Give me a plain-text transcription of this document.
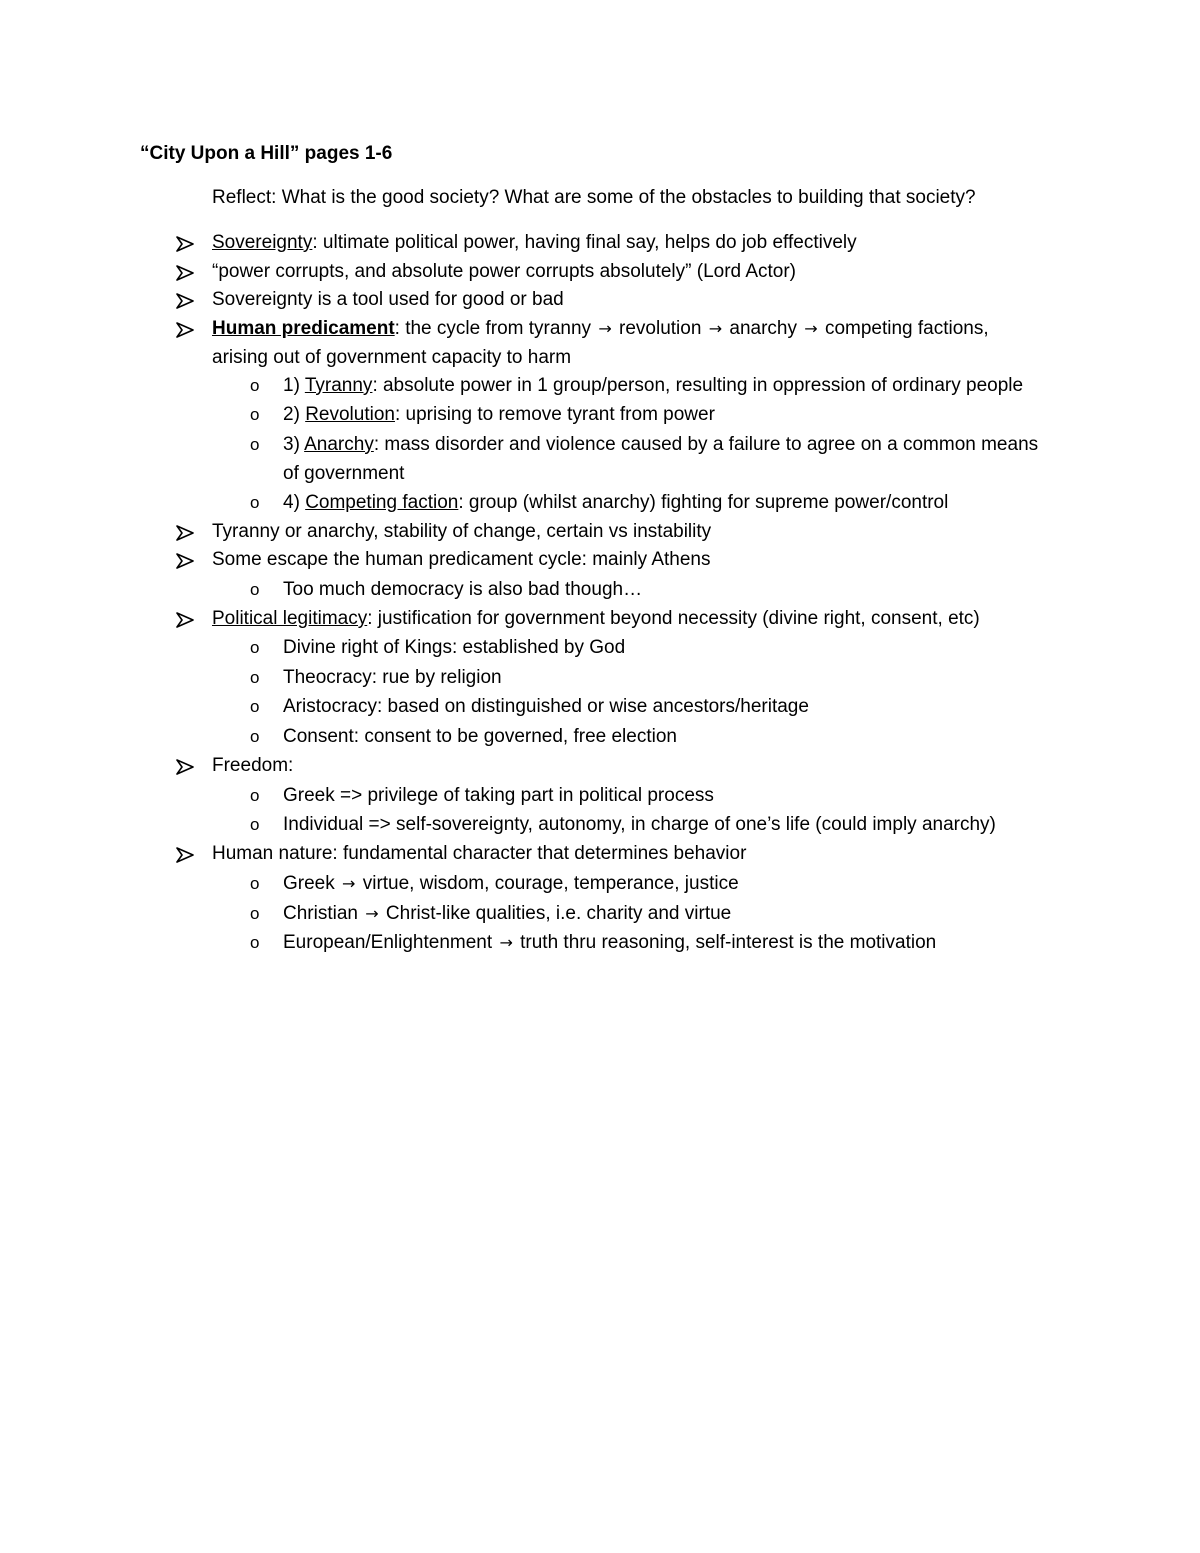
“City Upon a Hill” pages 1-6
Reflect: What is the good society? What are some of the obstacles to building that society?
Sovereignty: ultimate political power, having final say, helps do job effectively
“power corrupts, and absolute power corrupts absolutely” (Lord Actor)
Sovereignty is a tool used for good or bad
Human predicament: the cycle from tyranny → revolution → anarchy → competing factions,
arising out of government capacity to harm
o 1) Tyranny: absolute power in 1 group/person, resulting in oppression of ordinary people
o 2) Revolution: uprising to remove tyrant from power
o 3) Anarchy: mass disorder and violence caused by a failure to agree on a common means
of government
o 4) Competing faction: group (whilst anarchy) fighting for supreme power/control
Tyranny or anarchy, stability of change, certain vs instability
Some escape the human predicament cycle: mainly Athens
o Too much democracy is also bad though…
Political legitimacy: justification for government beyond necessity (divine right, consent, etc)
o Divine right of Kings: established by God
o Theocracy: rue by religion
o Aristocracy: based on distinguished or wise ancestors/heritage
o Consent: consent to be governed, free election
Freedom:
o Greek => privilege of taking part in political process
o Individual => self-sovereignty, autonomy, in charge of one’s life (could imply anarchy)
Human nature: fundamental character that determines behavior
o Greek → virtue, wisdom, courage, temperance, justice
o Christian → Christ-like qualities, i.e. charity and virtue
o European/Enlightenment → truth thru reasoning, self-interest is the motivation
